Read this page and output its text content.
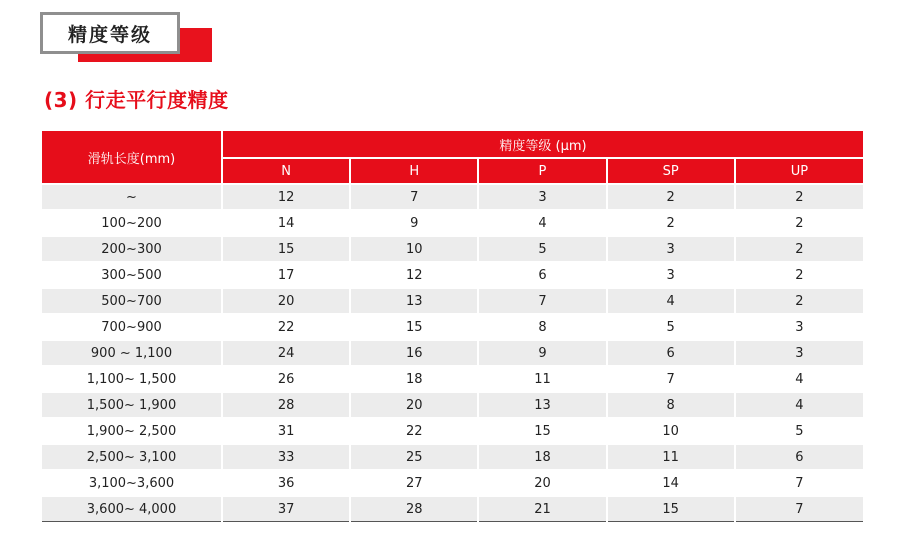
精度等级
(3) 行走平行度精度
滑轨长度(mm)	精度等级 (μm)				
	N	H	P	SP	UP
~	12	7	3	2	2
100~200	14	9	4	2	2
200~300	15	10	5	3	2
300~500	17	12	6	3	2
500~700	20	13	7	4	2
700~900	22	15	8	5	3
900 ~ 1,100	24	16	9	6	3
1,100~ 1,500	26	18	11	7	4
1,500~ 1,900	28	20	13	8	4
1,900~ 2,500	31	22	15	10	5
2,500~ 3,100	33	25	18	11	6
3,100~3,600	36	27	20	14	7
3,600~ 4,000	37	28	21	15	7
